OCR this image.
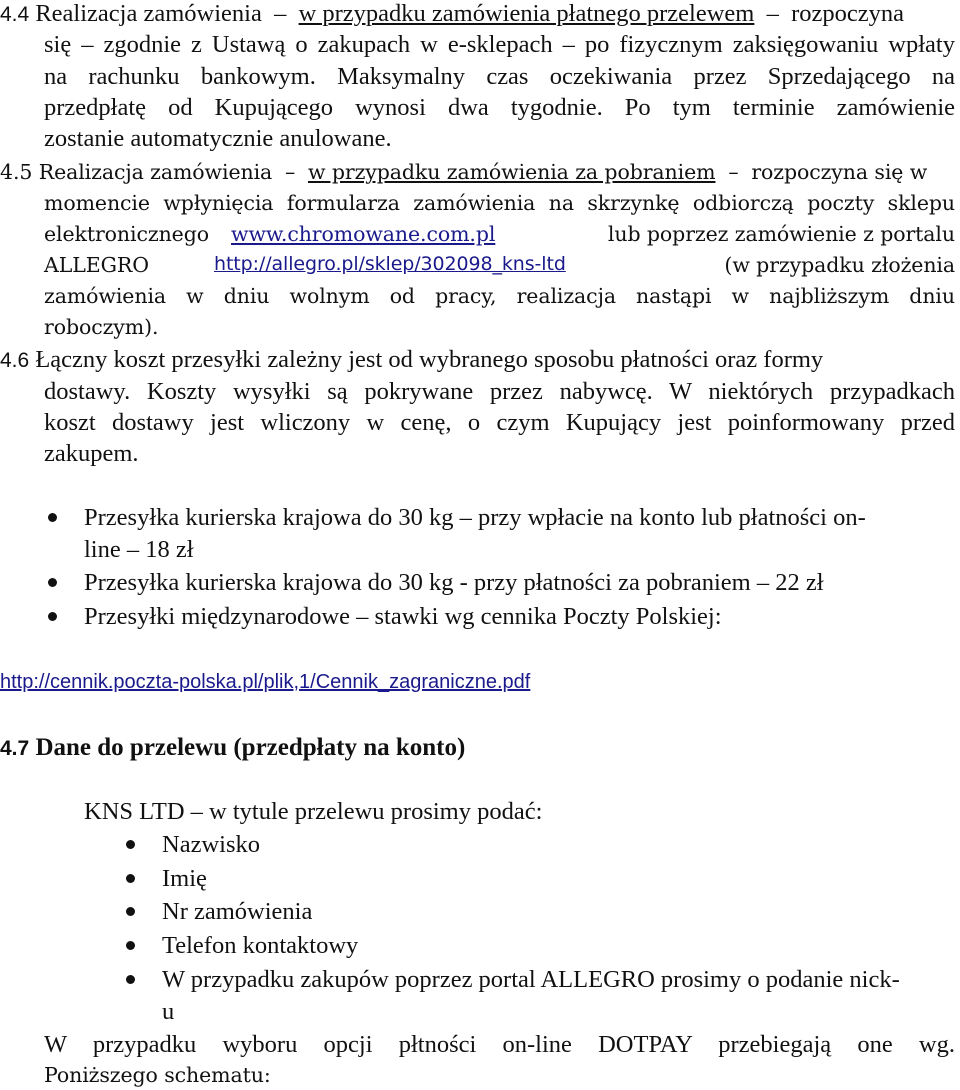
4.4 Realizacja zamówienia  –  w przypadku zamówienia płatnego przelewem  –  rozpoczyna
się – zgodnie z Ustawą o zakupach w e-sklepach – po fizycznym zaksięgowaniu wpłaty
na rachunku bankowym. Maksymalny czas oczekiwania przez Sprzedającego na
przedpłatę od Kupującego wynosi dwa tygodnie. Po tym terminie zamówienie
zostanie automatycznie anulowane.
4.5 Realizacja zamówienia  –  w przypadku zamówienia za pobraniem  –  rozpoczyna się w
momencie wpłynięcia formularza zamówienia na skrzynkę odbiorczą poczty sklepu
elektronicznego www.chromowane.com.pl	lub poprzez zamówienie z portalu
ALLEGRO	http://allegro.pl/sklep/302098_kns-ltd	(w przypadku złożenia
zamówienia w dniu wolnym od pracy, realizacja nastąpi w najbliższym dniu
roboczym).
4.6 Łączny koszt przesyłki zależny jest od wybranego sposobu płatności oraz formy
dostawy. Koszty wysyłki są pokrywane przez nabywcę. W niektórych przypadkach
koszt dostawy jest wliczony w cenę, o czym Kupujący jest poinformowany przed
zakupem.
Przesyłka kurierska krajowa do 30 kg – przy wpłacie na konto lub płatności on-
line – 18 zł
Przesyłka kurierska krajowa do 30 kg - przy płatności za pobraniem – 22 zł
Przesyłki międzynarodowe – stawki wg cennika Poczty Polskiej:
http://cennik.poczta-polska.pl/plik,1/Cennik_zagraniczne.pdf
4.7 Dane do przelewu (przedpłaty na konto)
KNS LTD – w tytule przelewu prosimy podać:
Nazwisko
Imię
Nr zamówienia
Telefon kontaktowy
W przypadku zakupów poprzez portal ALLEGRO prosimy o podanie nick-
u
W przypadku wyboru opcji płtności on-line DOTPAY przebiegają one wg.
Poniższego schematu:
